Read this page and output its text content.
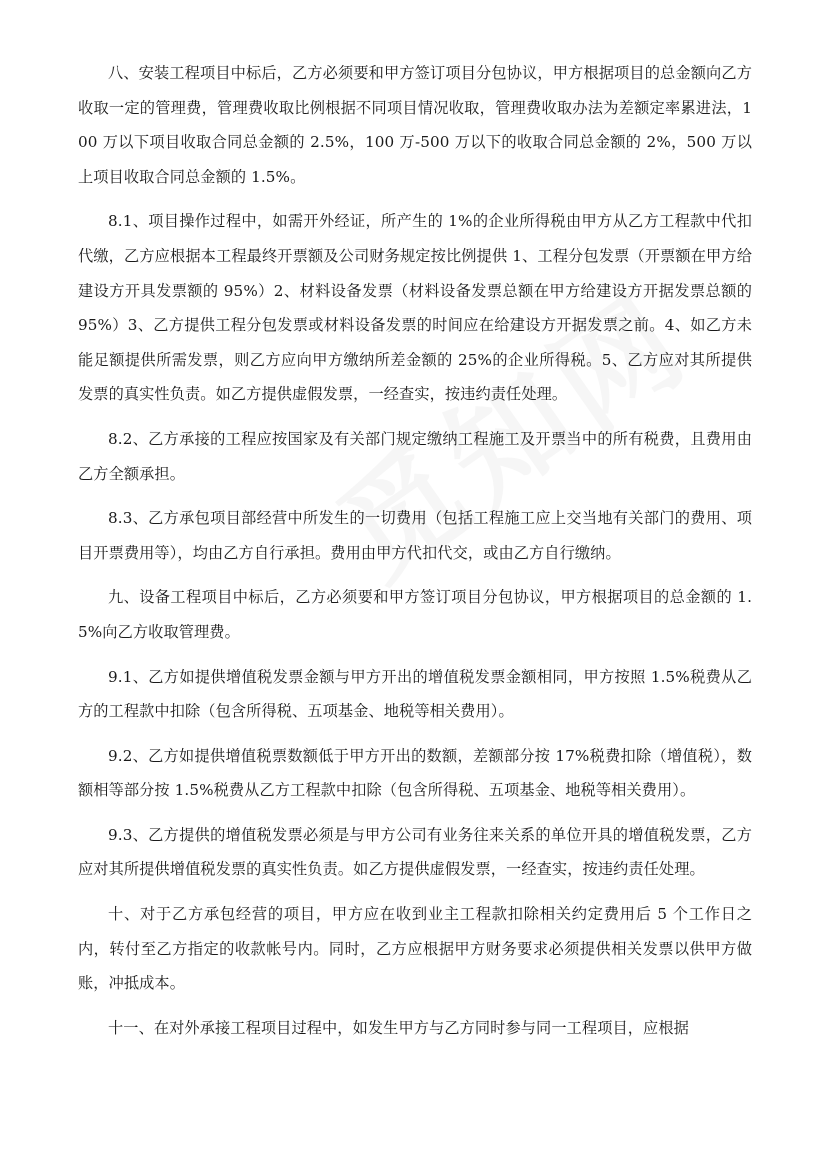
八、安装工程项目中标后，乙方必须要和甲方签订项目分包协议，甲方根据项目的总金额向乙方收取一定的管理费，管理费收取比例根据不同项目情况收取，管理费收取办法为差额定率累进法，100 万以下项目收取合同总金额的 2.5%，100 万-500 万以下的收取合同总金额的 2%，500 万以上项目收取合同总金额的 1.5%。

8.1、项目操作过程中，如需开外经证，所产生的 1%的企业所得税由甲方从乙方工程款中代扣代缴，乙方应根据本工程最终开票额及公司财务规定按比例提供 1、工程分包发票（开票额在甲方给建设方开具发票额的 95%）2、材料设备发票（材料设备发票总额在甲方给建设方开据发票总额的 95%）3、乙方提供工程分包发票或材料设备发票的时间应在给建设方开据发票之前。4、如乙方未能足额提供所需发票，则乙方应向甲方缴纳所差金额的 25%的企业所得税。5、乙方应对其所提供发票的真实性负责。如乙方提供虚假发票，一经查实，按违约责任处理。

8.2、乙方承接的工程应按国家及有关部门规定缴纳工程施工及开票当中的所有税费，且费用由乙方全额承担。

8.3、乙方承包项目部经营中所发生的一切费用（包括工程施工应上交当地有关部门的费用、项目开票费用等），均由乙方自行承担。费用由甲方代扣代交，或由乙方自行缴纳。

九、设备工程项目中标后，乙方必须要和甲方签订项目分包协议，甲方根据项目的总金额的 1.5%向乙方收取管理费。

9.1、乙方如提供增值税发票金额与甲方开出的增值税发票金额相同，甲方按照 1.5%税费从乙方的工程款中扣除（包含所得税、五项基金、地税等相关费用）。

9.2、乙方如提供增值税票数额低于甲方开出的数额，差额部分按 17%税费扣除（增值税），数额相等部分按 1.5%税费从乙方工程款中扣除（包含所得税、五项基金、地税等相关费用）。

9.3、乙方提供的增值税发票必须是与甲方公司有业务往来关系的单位开具的增值税发票，乙方应对其所提供增值税发票的真实性负责。如乙方提供虚假发票，一经查实，按违约责任处理。

十、对于乙方承包经营的项目，甲方应在收到业主工程款扣除相关约定费用后 5 个工作日之内，转付至乙方指定的收款帐号内。同时，乙方应根据甲方财务要求必须提供相关发票以供甲方做账，冲抵成本。

十一、在对外承接工程项目过程中，如发生甲方与乙方同时参与同一工程项目，应根据
